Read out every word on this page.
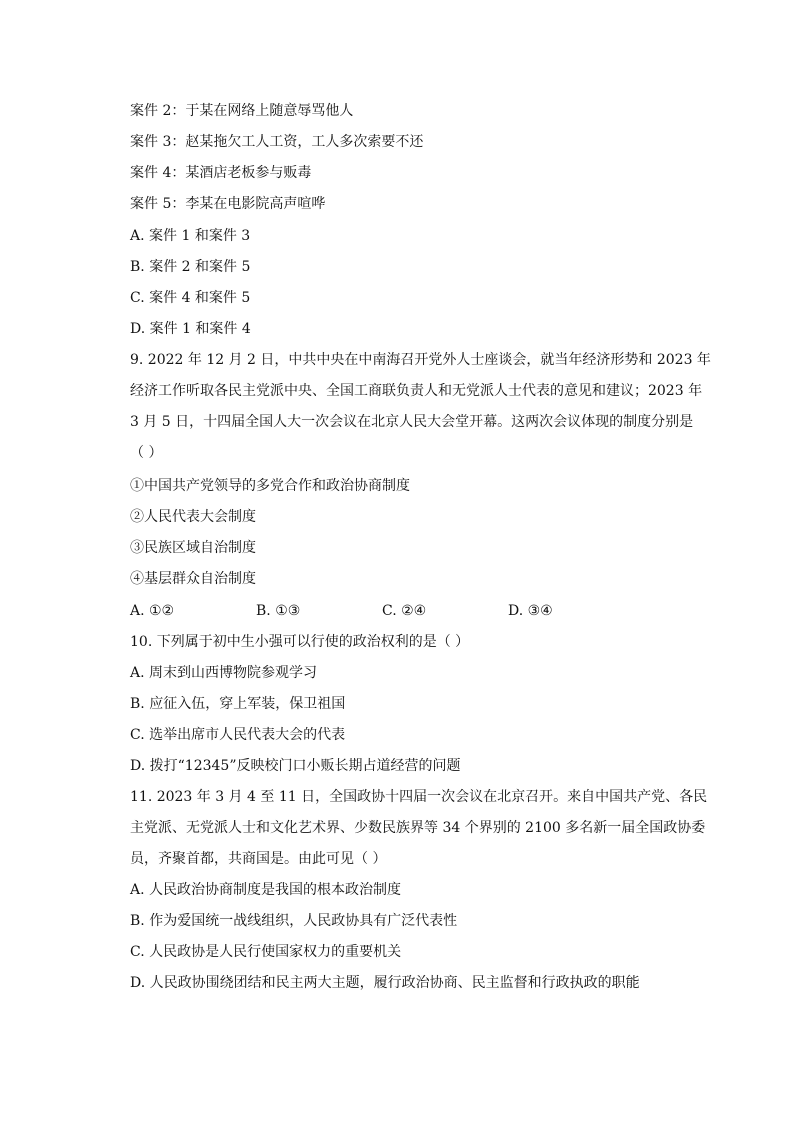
案件 2：于某在网络上随意辱骂他人
案件 3：赵某拖欠工人工资，工人多次索要不还
案件 4：某酒店老板参与贩毒
案件 5：李某在电影院高声喧哗
A. 案件 1 和案件 3
B. 案件 2 和案件 5
C. 案件 4 和案件 5
D. 案件 1 和案件 4
9. 2022 年 12 月 2 日，中共中央在中南海召开党外人士座谈会，就当年经济形势和 2023 年
经济工作听取各民主党派中央、全国工商联负责人和无党派人士代表的意见和建议；2023 年
3 月 5 日，十四届全国人大一次会议在北京人民大会堂开幕。这两次会议体现的制度分别是
（ ）
①中国共产党领导的多党合作和政治协商制度
②人民代表大会制度
③民族区域自治制度
④基层群众自治制度
A. ①②	B. ①③	C. ②④	D. ③④
10. 下列属于初中生小强可以行使的政治权利的是（ ）
A. 周末到山西博物院参观学习
B. 应征入伍，穿上军装，保卫祖国
C. 选举出席市人民代表大会的代表
D. 拨打“12345”反映校门口小贩长期占道经营的问题
11. 2023 年 3 月 4 至 11 日，全国政协十四届一次会议在北京召开。来自中国共产党、各民
主党派、无党派人士和文化艺术界、少数民族界等 34 个界别的 2100 多名新一届全国政协委
员，齐聚首都，共商国是。由此可见（ ）
A. 人民政治协商制度是我国的根本政治制度
B. 作为爱国统一战线组织，人民政协具有广泛代表性
C. 人民政协是人民行使国家权力的重要机关
D. 人民政协围绕团结和民主两大主题，履行政治协商、民主监督和行政执政的职能
